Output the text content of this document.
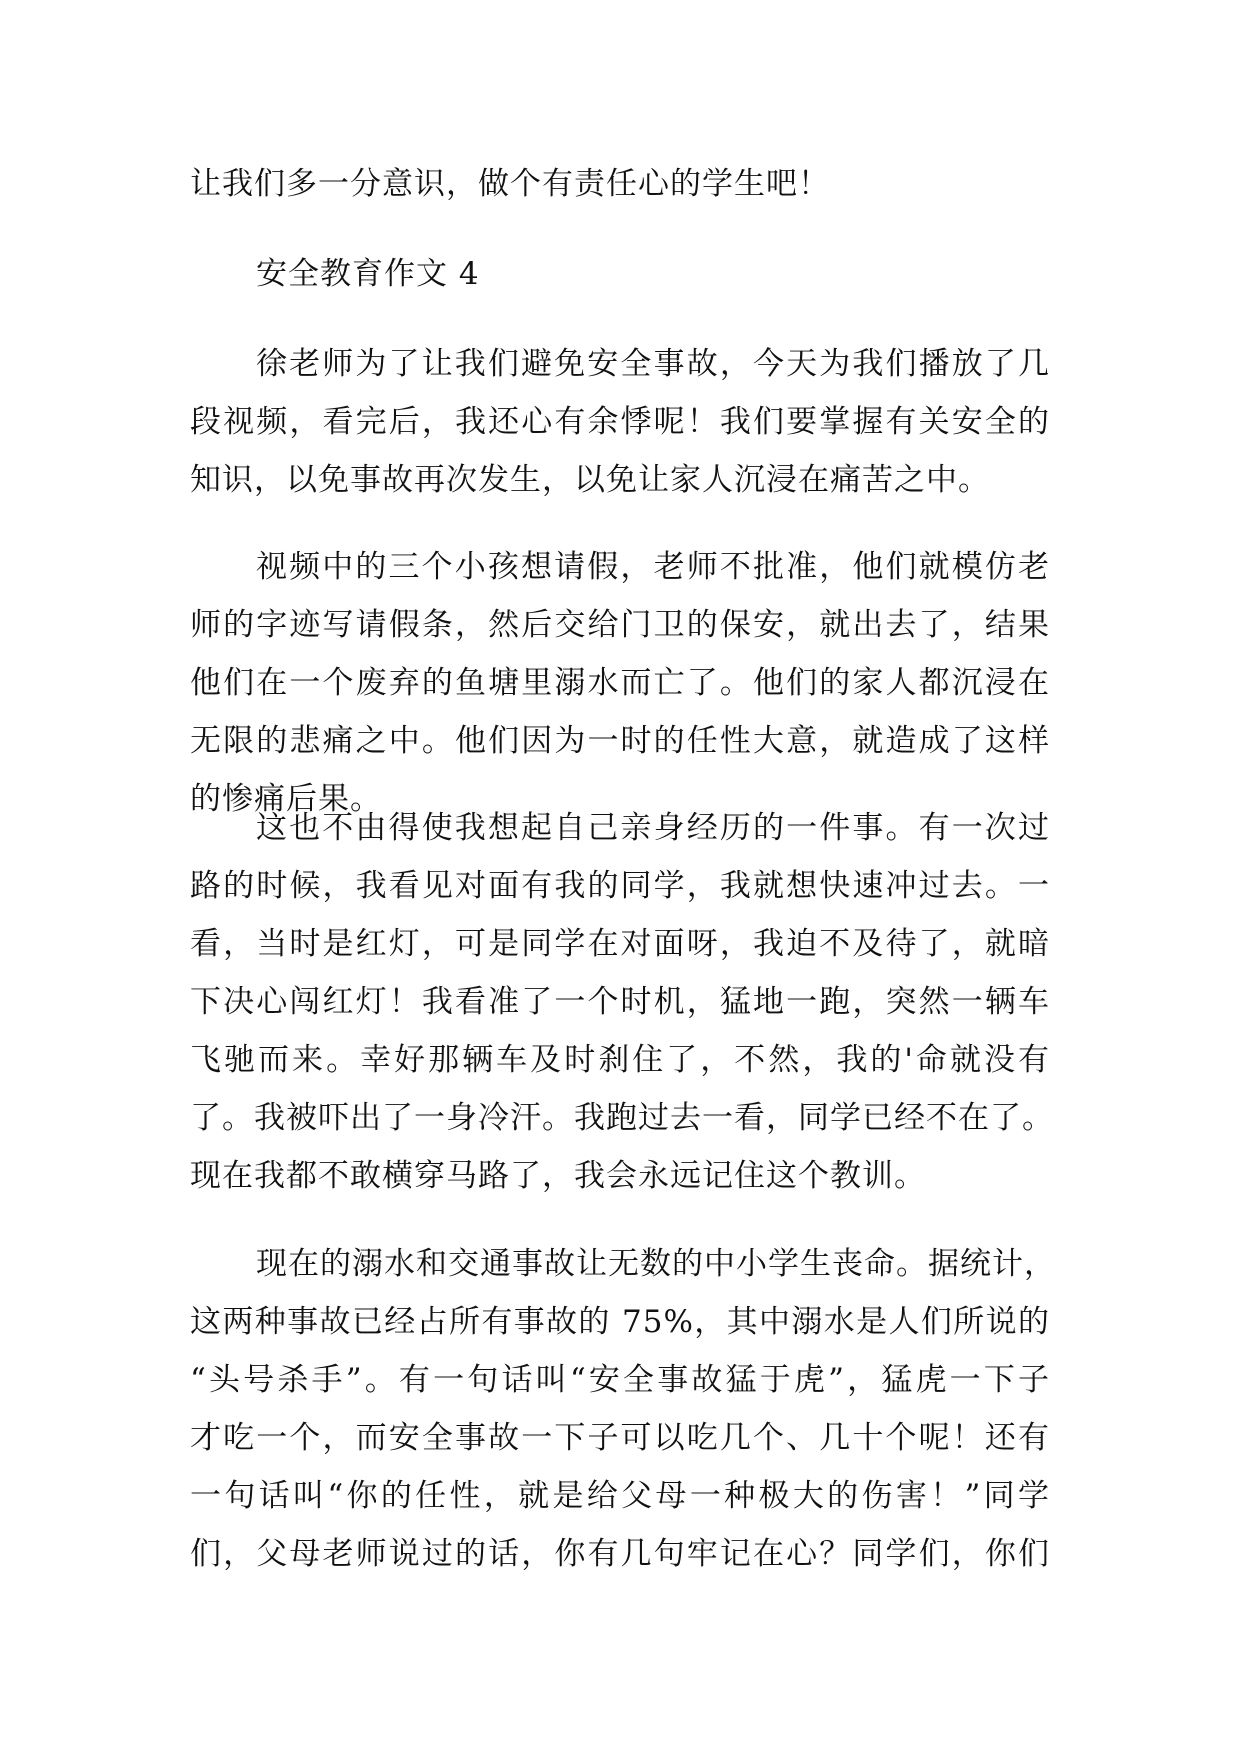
让我们多一分意识，做个有责任心的学生吧！
安全教育作文 4
徐老师为了让我们避免安全事故，今天为我们播放了几
段视频，看完后，我还心有余悸呢！我们要掌握有关安全的
知识，以免事故再次发生，以免让家人沉浸在痛苦之中。
视频中的三个小孩想请假，老师不批准，他们就模仿老
师的字迹写请假条，然后交给门卫的保安，就出去了，结果
他们在一个废弃的鱼塘里溺水而亡了。他们的家人都沉浸在
无限的悲痛之中。他们因为一时的任性大意，就造成了这样
的惨痛后果。
这也不由得使我想起自己亲身经历的一件事。有一次过
路的时候，我看见对面有我的同学，我就想快速冲过去。一
看，当时是红灯，可是同学在对面呀，我迫不及待了，就暗
下决心闯红灯！我看准了一个时机，猛地一跑，突然一辆车
飞驰而来。幸好那辆车及时刹住了，不然，我的'命就没有
了。我被吓出了一身冷汗。我跑过去一看，同学已经不在了。
现在我都不敢横穿马路了，我会永远记住这个教训。
现在的溺水和交通事故让无数的中小学生丧命。据统计，
这两种事故已经占所有事故的 75%，其中溺水是人们所说的
“头号杀手”。有一句话叫“安全事故猛于虎”，猛虎一下子
才吃一个，而安全事故一下子可以吃几个、几十个呢！还有
一句话叫“你的任性，就是给父母一种极大的伤害！”同学
们，父母老师说过的话，你有几句牢记在心？同学们，你们
